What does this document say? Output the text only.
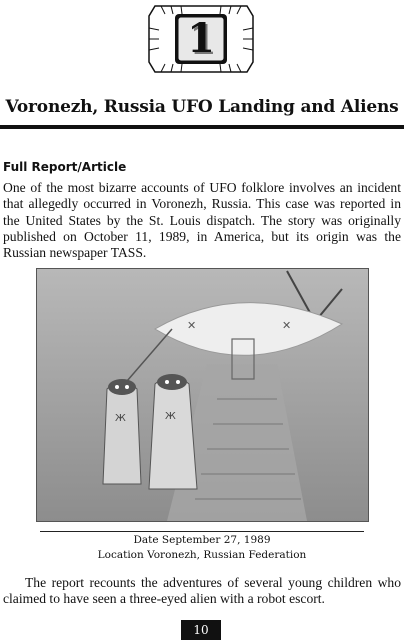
1
Voronezh, Russia UFO Landing and Aliens
Full Report/Article
One of the most bizarre accounts of UFO folklore involves an incident that allegedly occurred in Voronezh, Russia. This case was reported in the United States by the St. Louis dispatch. The story was originally published on October 11, 1989, in America, but its origin was the Russian newspaper TASS.
✕	✕
Ж	Ж
Date September 27, 1989
Location Voronezh, Russian Federation
The report recounts the adventures of several young children who claimed to have seen a three-eyed alien with a robot escort.
10
